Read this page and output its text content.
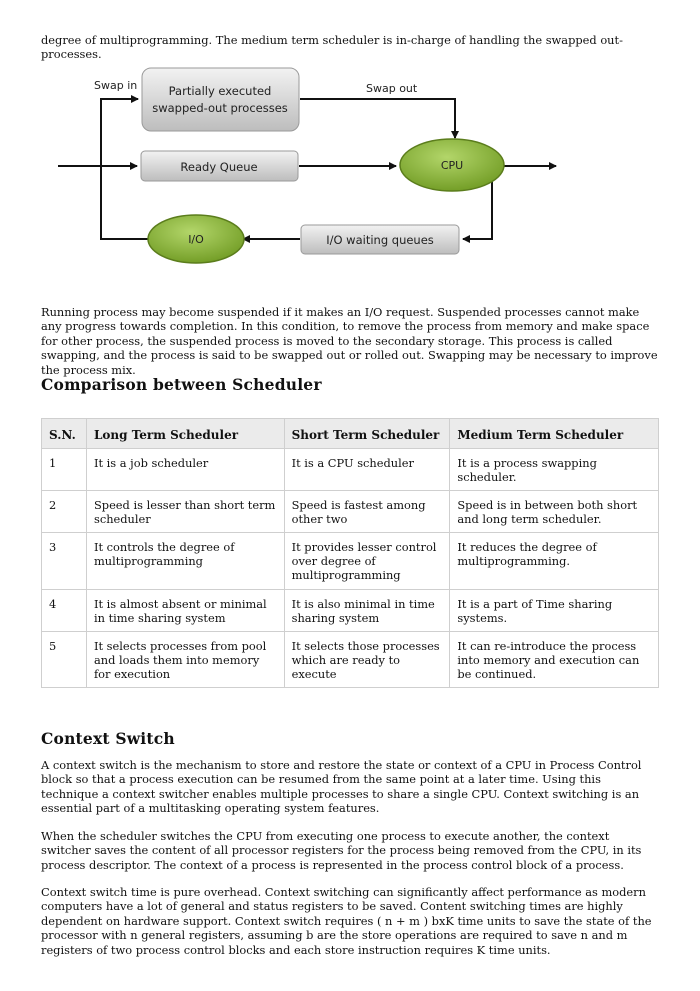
degree of multiprogramming. The medium term scheduler is in-charge of handling the swapped out-processes.

Partially executed
swapped-out processes
Ready Queue	CPU
I/O waiting queues
I/O
Swap in	Swap out

Running process may become suspended if it makes an I/O request. Suspended processes cannot make any progress towards completion. In this condition, to remove the process from memory and make space for other process, the suspended process is moved to the secondary storage. This process is called swapping, and the process is said to be swapped out or rolled out. Swapping may be necessary to improve the process mix.

Comparison between Scheduler
S.N.	Long Term Scheduler	Short Term Scheduler	Medium Term Scheduler
1	It is a job scheduler	It is a CPU scheduler	It is a process swapping scheduler.
2	Speed is lesser than short term scheduler	Speed is fastest among other two	Speed is in between both short and long term scheduler.
3	It controls the degree of multiprogramming	It provides lesser control over degree of multiprogramming	It reduces the degree of multiprogramming.
4	It is almost absent or minimal in time sharing system	It is also minimal in time sharing system	It is a part of Time sharing systems.
5	It selects processes from pool and loads them into memory for execution	It selects those processes which are ready to execute	It can re-introduce the process into memory and execution can be continued.
Context Switch

A context switch is the mechanism to store and restore the state or context of a CPU in Process Control block so that a process execution can be resumed from the same point at a later time. Using this technique a context switcher enables multiple processes to share a single CPU. Context switching is an essential part of a multitasking operating system features.

When the scheduler switches the CPU from executing one process to execute another, the context switcher saves the content of all processor registers for the process being removed from the CPU, in its process descriptor. The context of a process is represented in the process control block of a process.

Context switch time is pure overhead. Context switching can significantly affect performance as modern computers have a lot of general and status registers to be saved. Content switching times are highly dependent on hardware support. Context switch requires ( n + m ) bxK time units to save the state of the processor with n general registers, assuming b are the store operations are required to save n and m registers of two process control blocks and each store instruction requires K time units.
